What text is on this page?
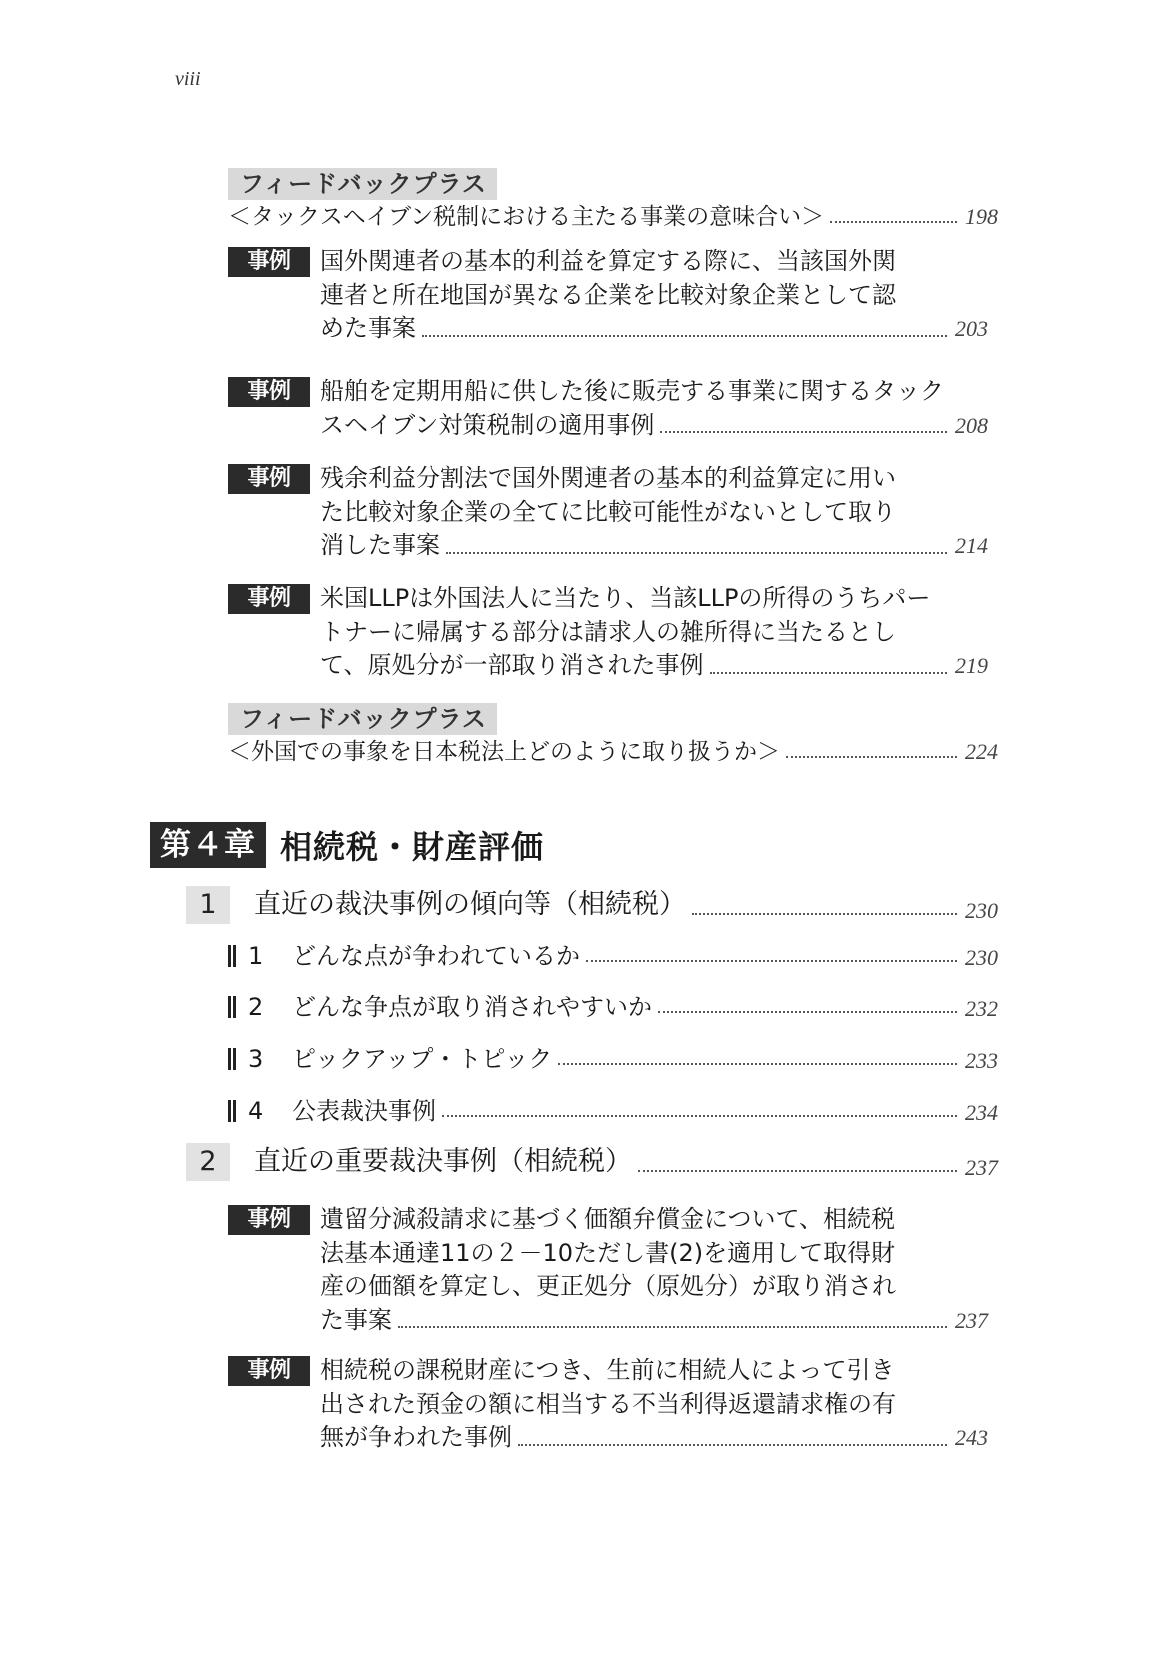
viii
フィードバックプラス
＜タックスヘイブン税制における主たる事業の意味合い＞	198
事例21
国外関連者の基本的利益を算定する際に、当該国外関
連者と所在地国が異なる企業を比較対象企業として認
めた事案	203
事例22
船舶を定期用船に供した後に販売する事業に関するタック
スヘイブン対策税制の適用事例	208
事例23
残余利益分割法で国外関連者の基本的利益算定に用い
た比較対象企業の全てに比較可能性がないとして取り
消した事案	214
事例24
米国LLPは外国法人に当たり、当該LLPの所得のうちパー
トナーに帰属する部分は請求人の雑所得に当たるとし
て、原処分が一部取り消された事例	219
フィードバックプラス
＜外国での事象を日本税法上どのように取り扱うか＞	224
第４章 相続税・財産評価
1	直近の裁決事例の傾向等（相続税）	230
1	どんな点が争われているか	230
2	どんな争点が取り消されやすいか	232
3	ピックアップ・トピック	233
4	公表裁決事例	234
2	直近の重要裁決事例（相続税）	237
事例25
遺留分減殺請求に基づく価額弁償金について、相続税
法基本通達11の２－10ただし書(2)を適用して取得財
産の価額を算定し、更正処分（原処分）が取り消され
た事案	237
事例26
相続税の課税財産につき、生前に相続人によって引き
出された預金の額に相当する不当利得返還請求権の有
無が争われた事例	243
